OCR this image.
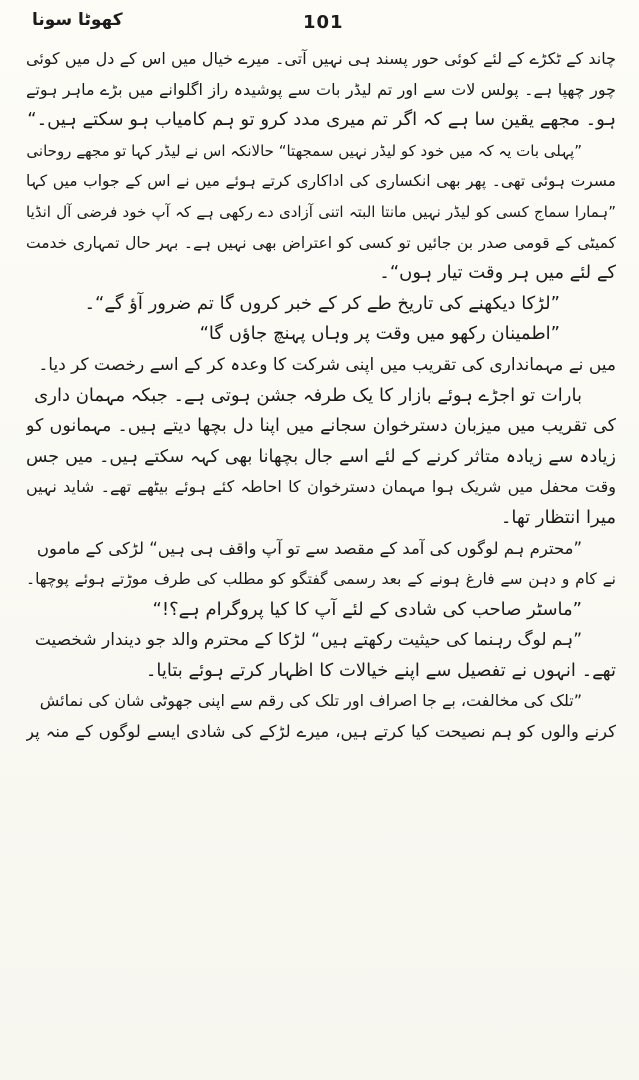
کھوٹا سونا	101
چاند کے ٹکڑے کے لئے کوئی حور پسند ہی نہیں آتی۔ میرے خیال میں اس کے دل میں کوئی
چور چھپا ہے۔ پولس لات سے اور تم لیڈر بات سے پوشیدہ راز اگلوانے میں بڑے ماہر ہوتے
ہو۔ مجھے یقین سا ہے کہ اگر تم میری مدد کرو تو ہم کامیاب ہو سکتے ہیں۔“
”پہلی بات یہ کہ میں خود کو لیڈر نہیں سمجھتا“ حالانکہ اس نے لیڈر کہا تو مجھے روحانی
مسرت ہوئی تھی۔ پھر بھی انکساری کی اداکاری کرتے ہوئے میں نے اس کے جواب میں کہا
”ہمارا سماج کسی کو لیڈر نہیں مانتا البتہ اتنی آزادی دے رکھی ہے کہ آپ خود فرضی آل انڈیا
کمیٹی کے قومی صدر بن جائیں تو کسی کو اعتراض بھی نہیں ہے۔ بہر حال تمہاری خدمت
کے لئے میں ہر وقت تیار ہوں“۔
”لڑکا دیکھنے کی تاریخ طے کر کے خبر کروں گا تم ضرور آؤ گے“۔
”اطمینان رکھو میں وقت پر وہاں پہنچ جاؤں گا“
میں نے مہمانداری کی تقریب میں اپنی شرکت کا وعدہ کر کے اسے رخصت کر دیا۔
بارات تو اجڑے ہوئے بازار کا یک طرفہ جشن ہوتی ہے۔ جبکہ مہمان داری
کی تقریب میں میزبان دسترخوان سجانے میں اپنا دل بچھا دیتے ہیں۔ مہمانوں کو
زیادہ سے زیادہ متاثر کرنے کے لئے اسے جال بچھانا بھی کہہ سکتے ہیں۔ میں جس
وقت محفل میں شریک ہوا مہمان دسترخوان کا احاطہ کئے ہوئے بیٹھے تھے۔ شاید نہیں
میرا انتظار تھا۔
”محترم ہم لوگوں کی آمد کے مقصد سے تو آپ واقف ہی ہیں“ لڑکی کے ماموں
نے کام و دہن سے فارغ ہونے کے بعد رسمی گفتگو کو مطلب کی طرف موڑتے ہوئے پوچھا۔
”ماسٹر صاحب کی شادی کے لئے آپ کا کیا پروگرام ہے؟!“
”ہم لوگ رہنما کی حیثیت رکھتے ہیں“ لڑکا کے محترم والد جو دیندار شخصیت
تھے۔ انہوں نے تفصیل سے اپنے خیالات کا اظہار کرتے ہوئے بتایا۔
”تلک کی مخالفت، بے جا اصراف اور تلک کی رقم سے اپنی جھوٹی شان کی نمائش
کرنے والوں کو ہم نصیحت کیا کرتے ہیں، میرے لڑکے کی شادی ایسے لوگوں کے منہ پر
